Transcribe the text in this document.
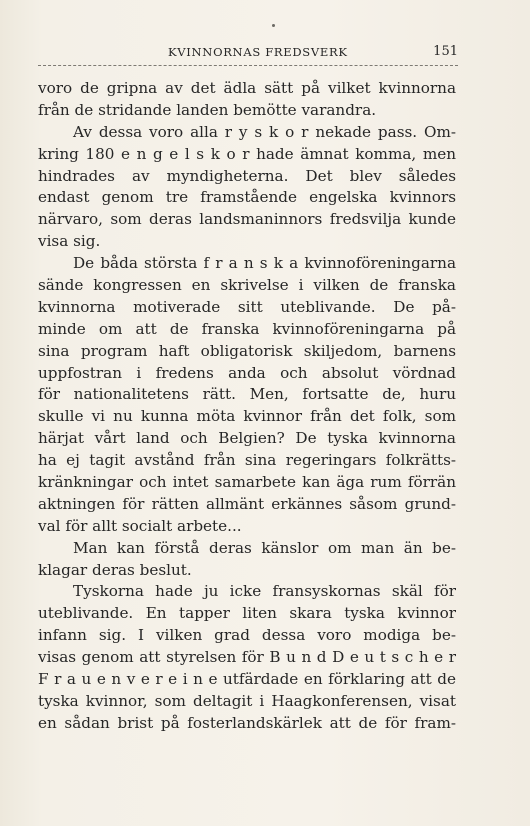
KVINNORNAS FREDSVERK	151
voro de gripna av det ädla sätt på vilket kvinnorna
från de stridande landen bemötte varandra.
Av dessa voro alla r y s k o r nekade pass. Om-
kring 180 e n g e l s k o r hade ämnat komma, men
hindrades av myndigheterna. Det blev således
endast genom tre framstående engelska kvinnors
närvaro, som deras landsmaninnors fredsvilja kunde
visa sig.
De båda största f r a n s k a kvinnoföreningarna
sände kongressen en skrivelse i vilken de franska
kvinnorna motiverade sitt uteblivande. De på-
minde om att de franska kvinnoföreningarna på
sina program haft obligatorisk skiljedom, barnens
uppfostran i fredens anda och absolut vördnad
för nationalitetens rätt. Men, fortsatte de, huru
skulle vi nu kunna möta kvinnor från det folk, som
härjat vårt land och Belgien? De tyska kvinnorna
ha ej tagit avstånd från sina regeringars folkrätts-
kränkningar och intet samarbete kan äga rum förrän
aktningen för rätten allmänt erkännes såsom grund-
val för allt socialt arbete...
Man kan förstå deras känslor om man än be-
klagar deras beslut.
Tyskorna hade ju icke fransyskornas skäl för
uteblivande. En tapper liten skara tyska kvinnor
infann sig. I vilken grad dessa voro modiga be-
visas genom att styrelsen för B u n d D e u t s c h e r
F r a u e n v e r e i n e utfärdade en förklaring att de
tyska kvinnor, som deltagit i Haagkonferensen, visat
en sådan brist på fosterlandskärlek att de för fram-
